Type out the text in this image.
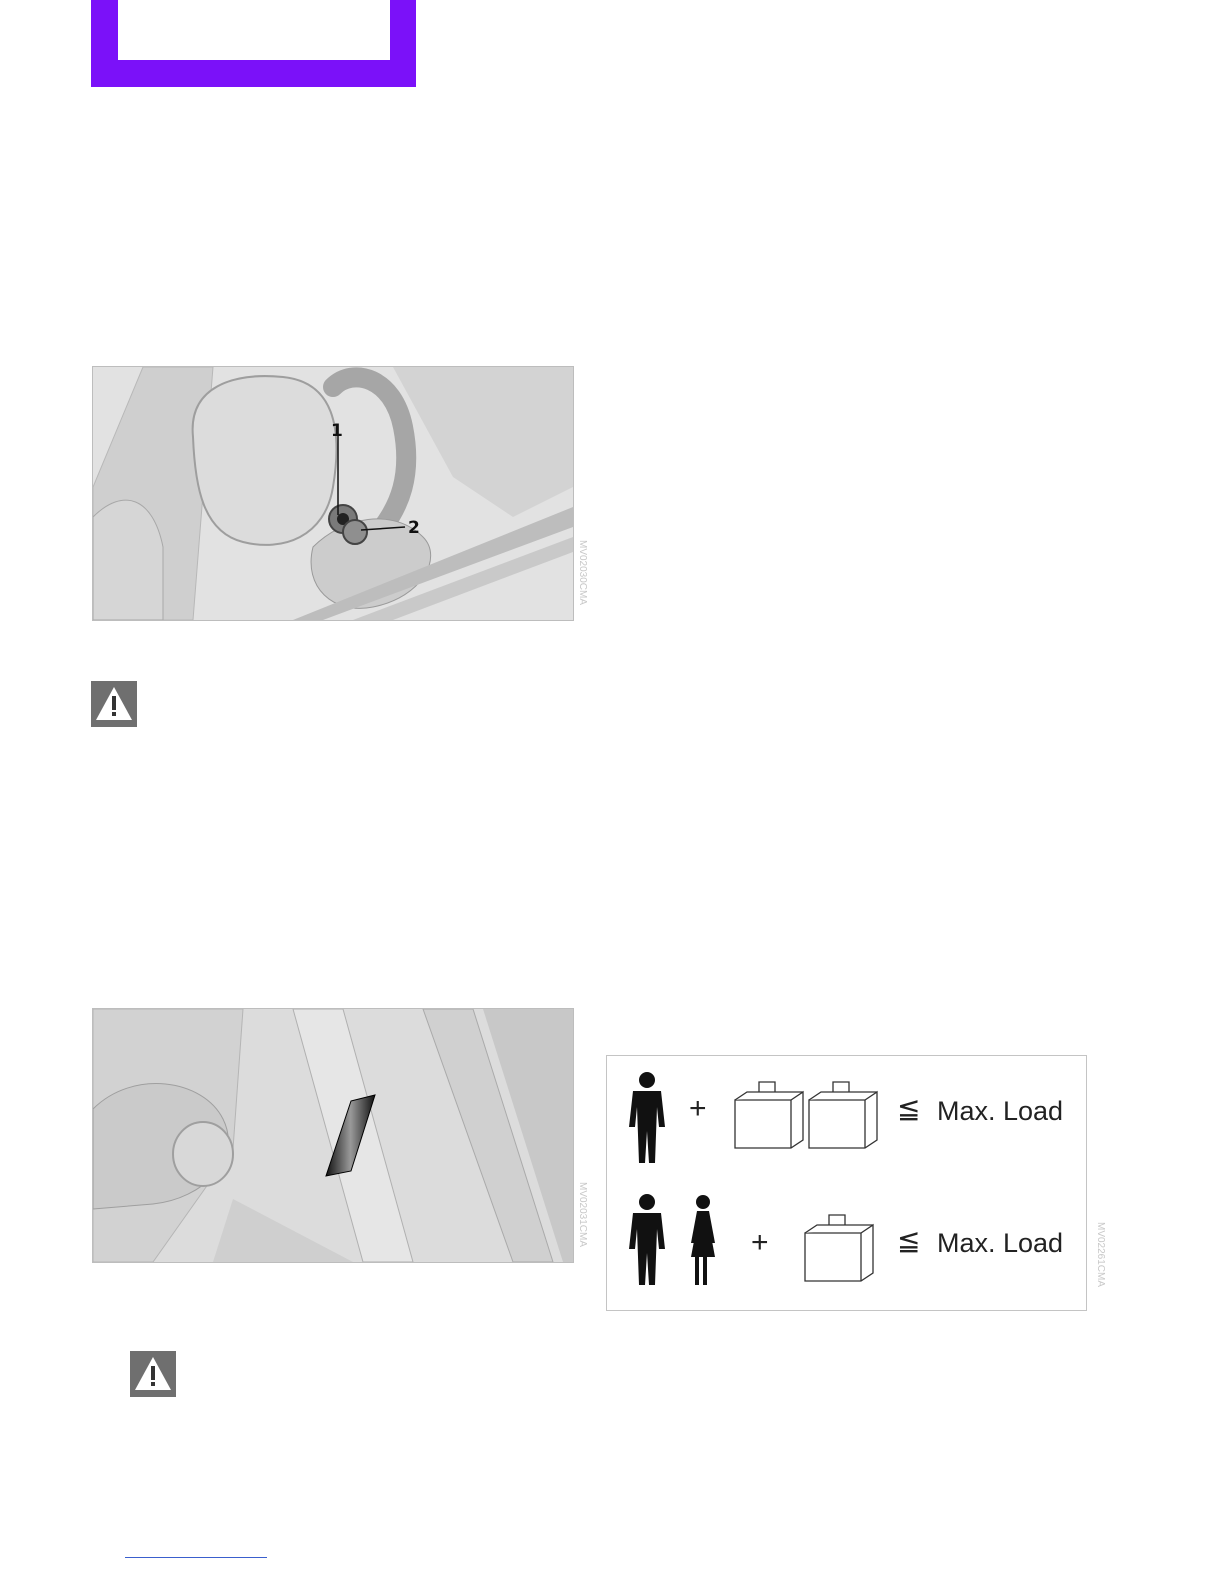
1
2
MV02030CMA
MV02031CMA
+	≦ Max. Load
+	≦ Max. Load	MV02261CMA
